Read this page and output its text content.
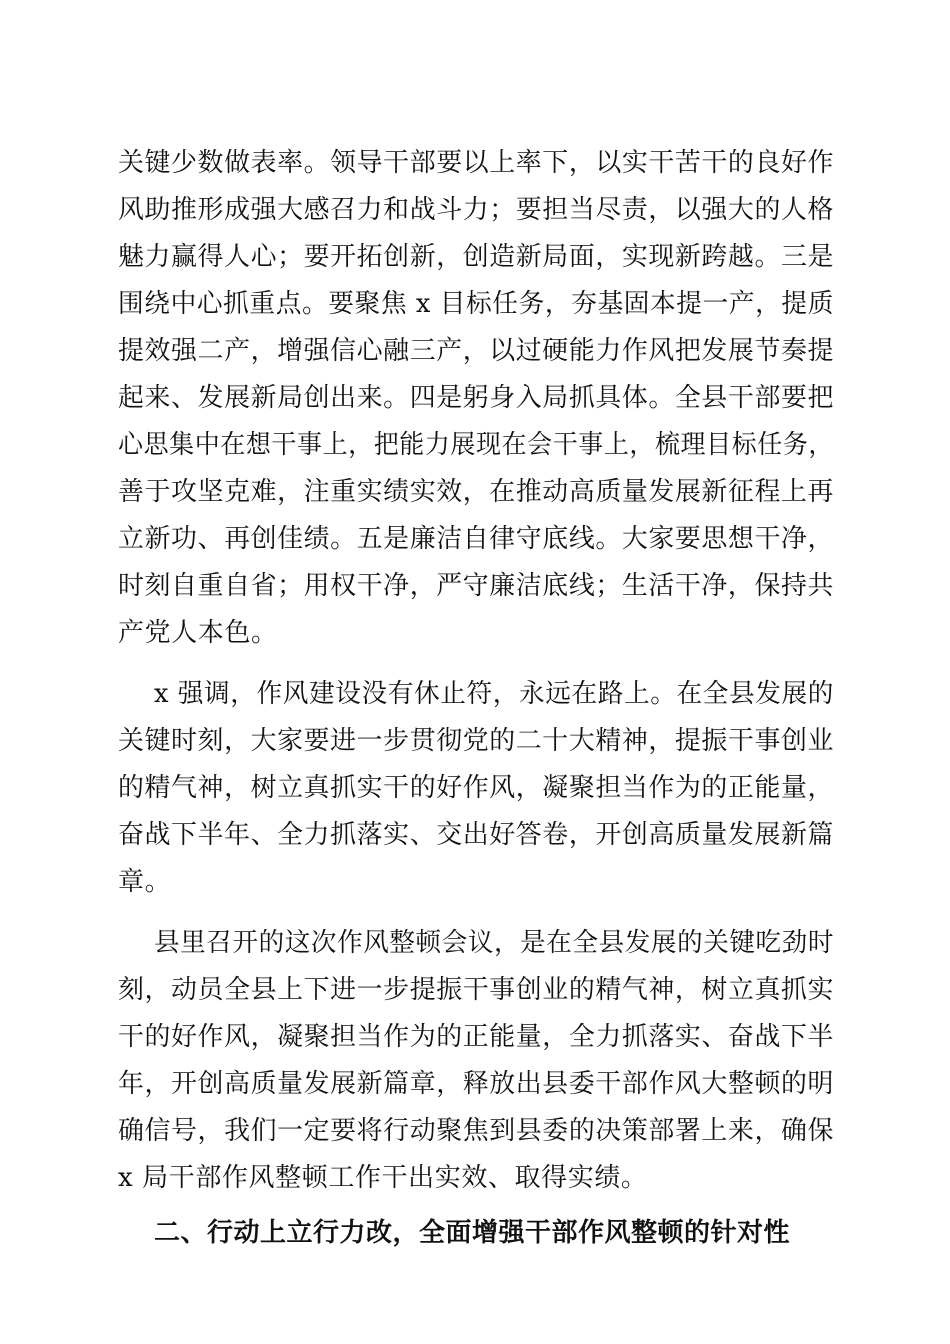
关键少数做表率。领导干部要以上率下，以实干苦干的良好作
风助推形成强大感召力和战斗力；要担当尽责，以强大的人格
魅力赢得人心；要开拓创新，创造新局面，实现新跨越。三是
围绕中心抓重点。要聚焦 x 目标任务，夯基固本提一产，提质
提效强二产，增强信心融三产，以过硬能力作风把发展节奏提
起来、发展新局创出来。四是躬身入局抓具体。全县干部要把
心思集中在想干事上，把能力展现在会干事上，梳理目标任务，
善于攻坚克难，注重实绩实效，在推动高质量发展新征程上再
立新功、再创佳绩。五是廉洁自律守底线。大家要思想干净，
时刻自重自省；用权干净，严守廉洁底线；生活干净，保持共
产党人本色。
x 强调，作风建设没有休止符，永远在路上。在全县发展的
关键时刻，大家要进一步贯彻党的二十大精神，提振干事创业
的精气神，树立真抓实干的好作风，凝聚担当作为的正能量，
奋战下半年、全力抓落实、交出好答卷，开创高质量发展新篇
章。
县里召开的这次作风整顿会议，是在全县发展的关键吃劲时
刻，动员全县上下进一步提振干事创业的精气神，树立真抓实
干的好作风，凝聚担当作为的正能量，全力抓落实、奋战下半
年，开创高质量发展新篇章，释放出县委干部作风大整顿的明
确信号，我们一定要将行动聚焦到县委的决策部署上来，确保
x 局干部作风整顿工作干出实效、取得实绩。
二、行动上立行力改，全面增强干部作风整顿的针对性
